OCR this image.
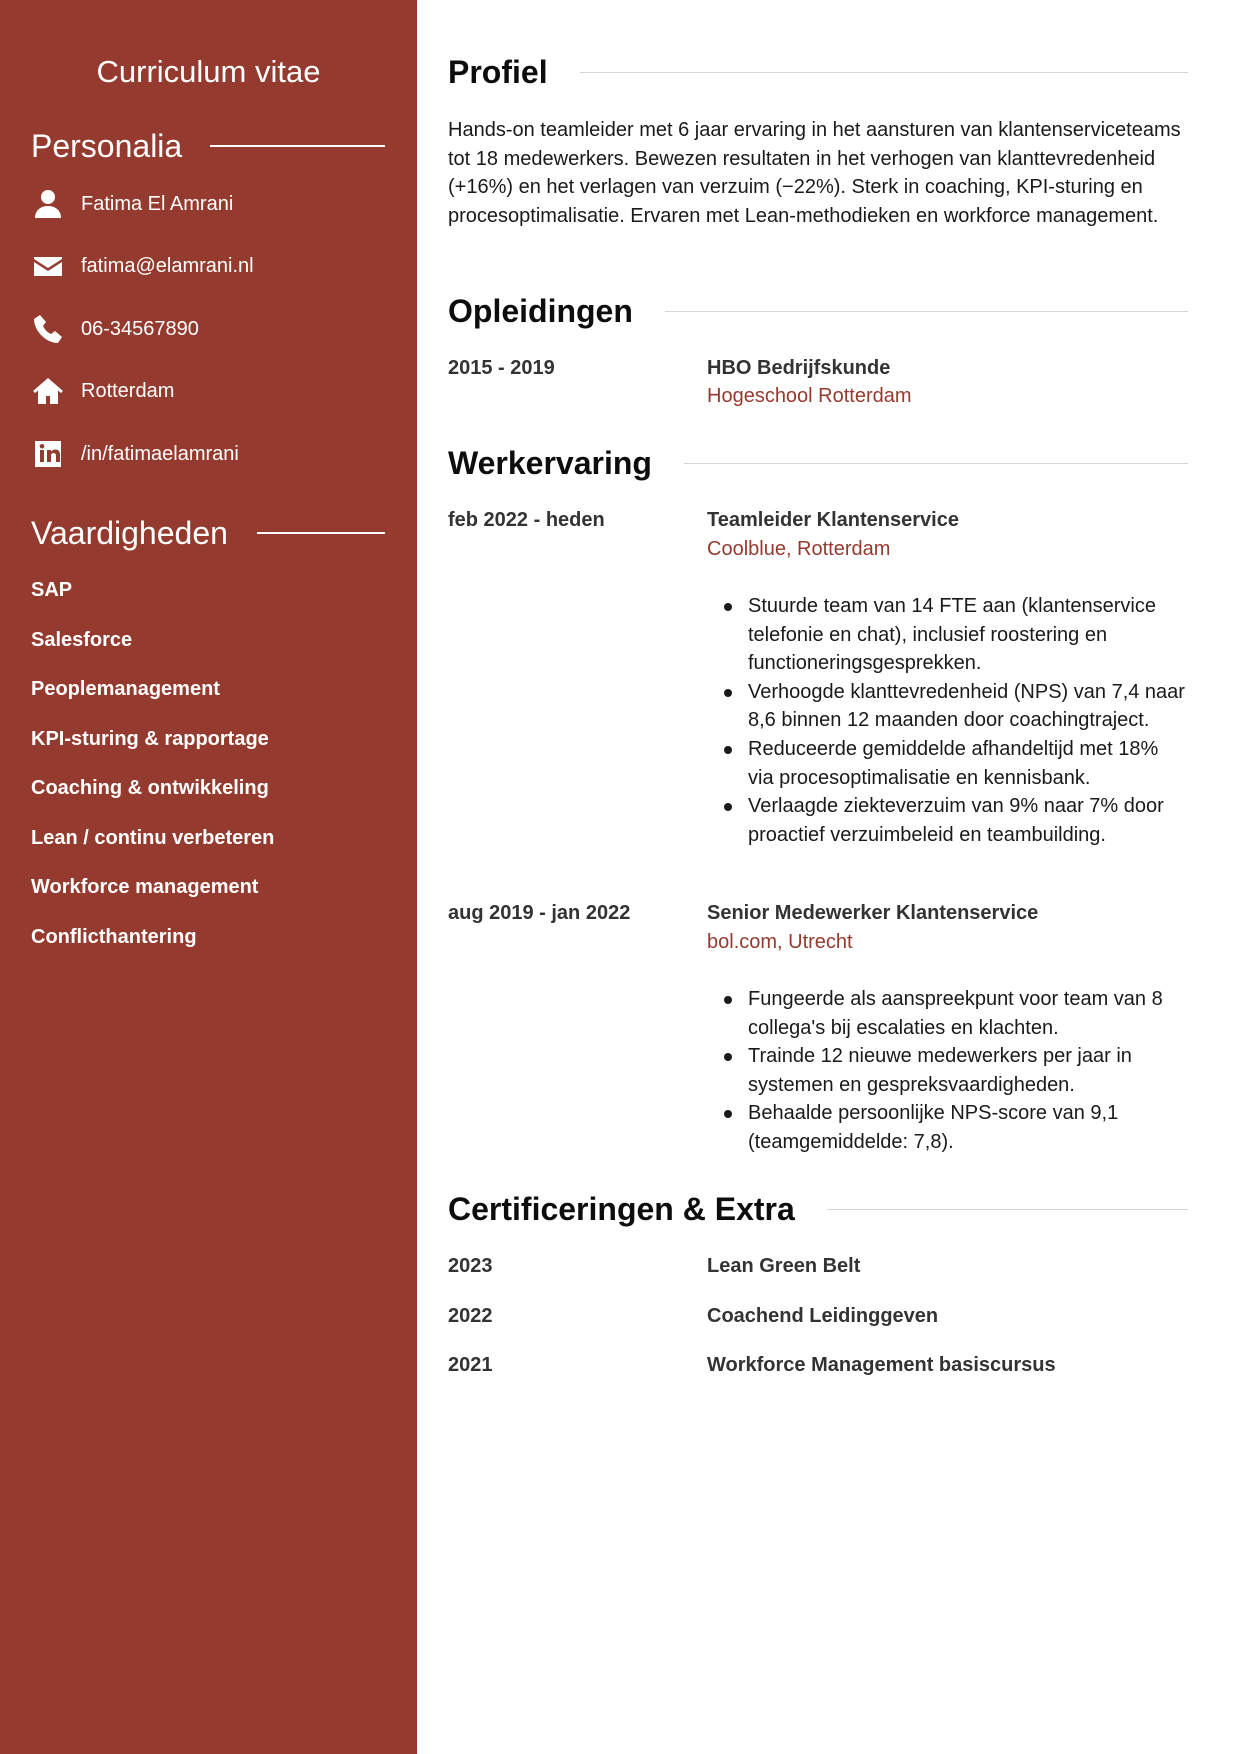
Curriculum vitae
Personalia
Fatima El Amrani
fatima@elamrani.nl
06-34567890
Rotterdam
/in/fatimaelamrani
Vaardigheden
SAP
Salesforce
Peoplemanagement
KPI-sturing & rapportage
Coaching & ontwikkeling
Lean / continu verbeteren
Workforce management
Conflicthantering
Profiel

Hands-on teamleider met 6 jaar ervaring in het aansturen van klantenserviceteams tot 18 medewerkers. Bewezen resultaten in het verhogen van klanttevredenheid (+16%) en het verlagen van verzuim (−22%). Sterk in coaching, KPI-sturing en procesoptimalisatie. Ervaren met Lean-methodieken en workforce management.

Opleidingen
2015 - 2019	HBO Bedrijfskunde
Hogeschool Rotterdam
Werkervaring
feb 2022 - heden	Teamleider Klantenservice
Coolblue, Rotterdam
Stuurde team van 14 FTE aan (klantenservice telefonie en chat), inclusief roostering en functioneringsgesprekken.
Verhoogde klanttevredenheid (NPS) van 7,4 naar 8,6 binnen 12 maanden door coachingtraject.
Reduceerde gemiddelde afhandeltijd met 18% via procesoptimalisatie en kennisbank.
Verlaagde ziekteverzuim van 9% naar 7% door proactief verzuimbeleid en teambuilding.
aug 2019 - jan 2022	Senior Medewerker Klantenservice
bol.com, Utrecht
Fungeerde als aanspreekpunt voor team van 8 collega's bij escalaties en klachten.
Trainde 12 nieuwe medewerkers per jaar in systemen en gespreksvaardigheden.
Behaalde persoonlijke NPS-score van 9,1 (teamgemiddelde: 7,8).
Certificeringen & Extra
2023	Lean Green Belt
2022	Coachend Leidinggeven
2021	Workforce Management basiscursus
